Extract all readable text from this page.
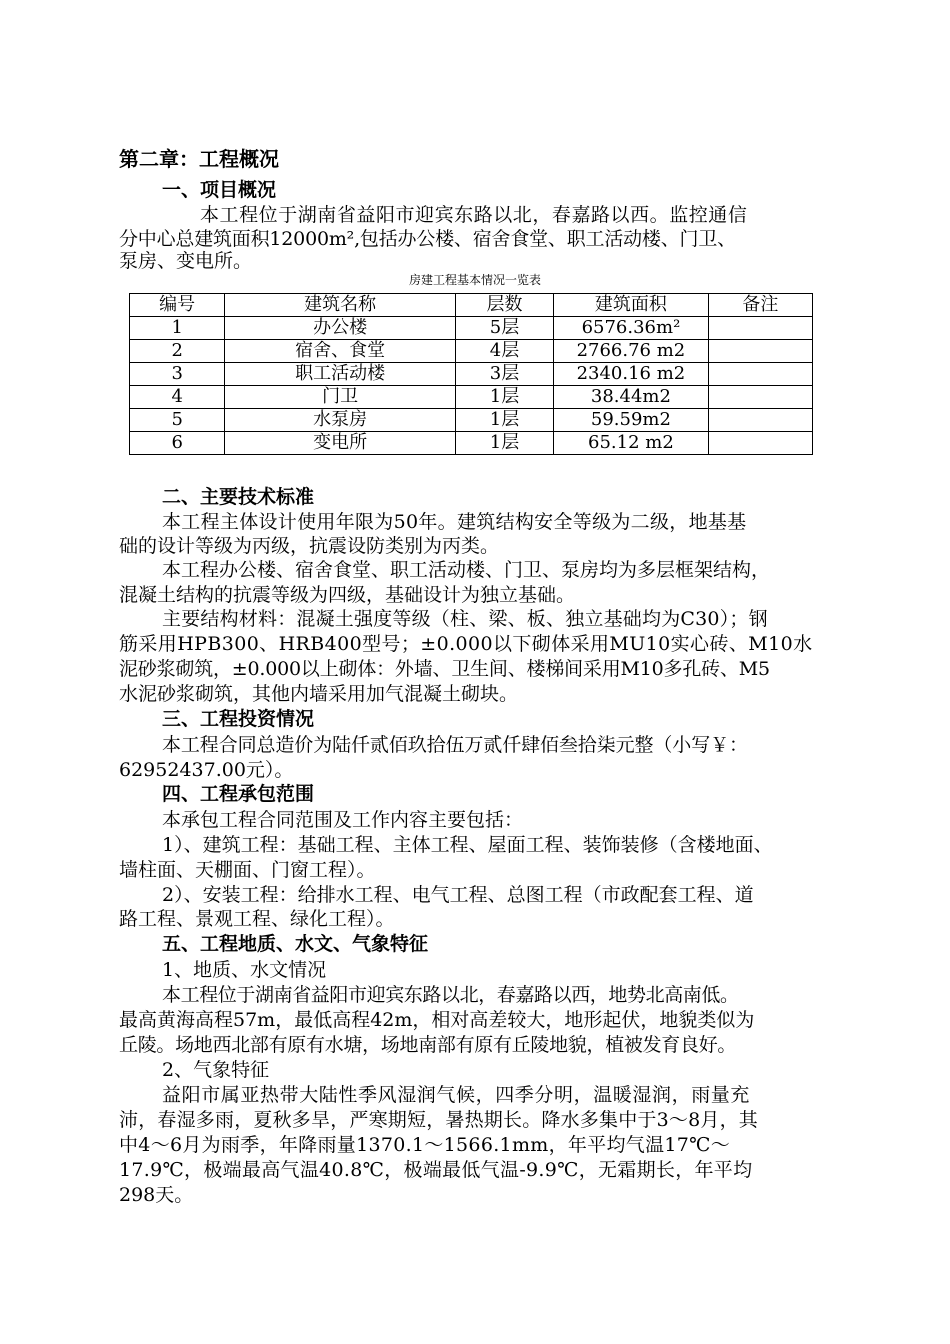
第二章：工程概况
一、项目概况
本工程位于湖南省益阳市迎宾东路以北，春嘉路以西。监控通信
分中心总建筑面积12000m²,包括办公楼、宿舍食堂、职工活动楼、门卫、
泵房、变电所。
房建工程基本情况一览表
编号	建筑名称	层数	建筑面积	备注
1	办公楼	5层	6576.36m²	
2	宿舍、食堂	4层	2766.76 m2	
3	职工活动楼	3层	2340.16 m2	
4	门卫	1层	38.44m2	
5	水泵房	1层	59.59m2	
6	变电所	1层	65.12 m2	
二、主要技术标准
本工程主体设计使用年限为50年。建筑结构安全等级为二级，地基基
础的设计等级为丙级，抗震设防类别为丙类。
本工程办公楼、宿舍食堂、职工活动楼、门卫、泵房均为多层框架结构，
混凝土结构的抗震等级为四级，基础设计为独立基础。
主要结构材料：混凝土强度等级（柱、梁、板、独立基础均为C30）；钢
筋采用HPB300、HRB400型号；±0.000以下砌体采用MU10实心砖、M10水
泥砂浆砌筑，±0.000以上砌体：外墙、卫生间、楼梯间采用M10多孔砖、M5
水泥砂浆砌筑，其他内墙采用加气混凝土砌块。
三、工程投资情况
本工程合同总造价为陆仟贰佰玖拾伍万贰仟肆佰叁拾柒元整（小写￥：
62952437.00元）。
四、工程承包范围
本承包工程合同范围及工作内容主要包括：
1）、建筑工程：基础工程、主体工程、屋面工程、装饰装修（含楼地面、
墙柱面、天棚面、门窗工程）。
2）、安装工程：给排水工程、电气工程、总图工程（市政配套工程、道
路工程、景观工程、绿化工程）。
五、工程地质、水文、气象特征
1、地质、水文情况
本工程位于湖南省益阳市迎宾东路以北，春嘉路以西，地势北高南低。
最高黄海高程57m，最低高程42m，相对高差较大，地形起伏，地貌类似为
丘陵。场地西北部有原有水塘，场地南部有原有丘陵地貌，植被发育良好。
2、气象特征
益阳市属亚热带大陆性季风湿润气候，四季分明，温暖湿润，雨量充
沛，春湿多雨，夏秋多旱，严寒期短，暑热期长。降水多集中于3～8月，其
中4～6月为雨季，年降雨量1370.1～1566.1mm，年平均气温17℃～
17.9℃，极端最高气温40.8℃，极端最低气温-9.9℃，无霜期长，年平均
298天。
